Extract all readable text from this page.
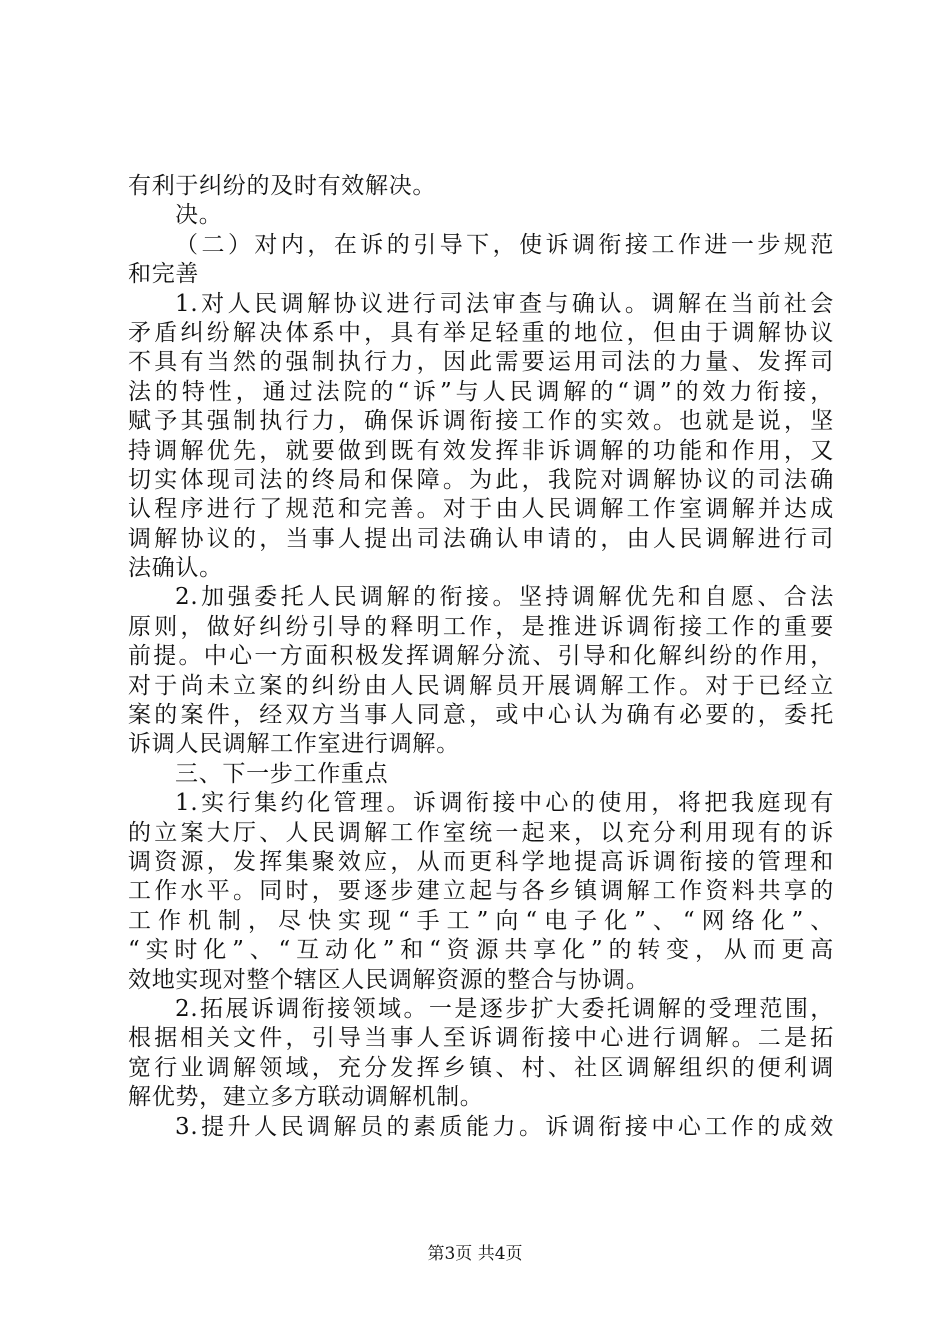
有利于纠纷的及时有效解决。
决。
（二）对内，在诉的引导下，使诉调衔接工作进一步规范
和完善
1.对人民调解协议进行司法审查与确认。调解在当前社会
矛盾纠纷解决体系中，具有举足轻重的地位，但由于调解协议
不具有当然的强制执行力，因此需要运用司法的力量、发挥司
法的特性，通过法院的“诉”与人民调解的“调”的效力衔接，
赋予其强制执行力，确保诉调衔接工作的实效。也就是说，坚
持调解优先，就要做到既有效发挥非诉调解的功能和作用，又
切实体现司法的终局和保障。为此，我院对调解协议的司法确
认程序进行了规范和完善。对于由人民调解工作室调解并达成
调解协议的，当事人提出司法确认申请的，由人民调解进行司
法确认。
2.加强委托人民调解的衔接。坚持调解优先和自愿、合法
原则，做好纠纷引导的释明工作，是推进诉调衔接工作的重要
前提。中心一方面积极发挥调解分流、引导和化解纠纷的作用，
对于尚未立案的纠纷由人民调解员开展调解工作。对于已经立
案的案件，经双方当事人同意，或中心认为确有必要的，委托
诉调人民调解工作室进行调解。
三、下一步工作重点
1.实行集约化管理。诉调衔接中心的使用，将把我庭现有
的立案大厅、人民调解工作室统一起来，以充分利用现有的诉
调资源，发挥集聚效应，从而更科学地提高诉调衔接的管理和
工作水平。同时，要逐步建立起与各乡镇调解工作资料共享的
工作机制，尽快实现“手工”向“电子化”、“网络化”、
“实时化”、“互动化”和“资源共享化”的转变，从而更高
效地实现对整个辖区人民调解资源的整合与协调。
2.拓展诉调衔接领域。一是逐步扩大委托调解的受理范围，
根据相关文件，引导当事人至诉调衔接中心进行调解。二是拓
宽行业调解领域，充分发挥乡镇、村、社区调解组织的便利调
解优势，建立多方联动调解机制。
3.提升人民调解员的素质能力。诉调衔接中心工作的成效
第3页 共4页
